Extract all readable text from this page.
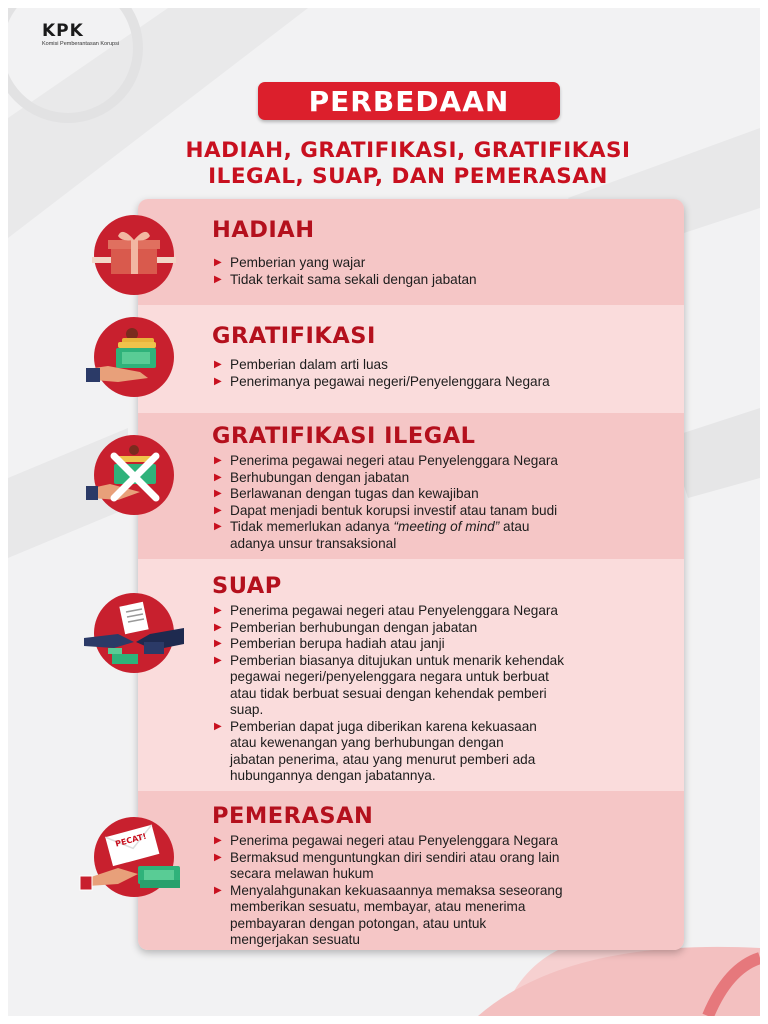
KPK
Komisi Pemberantasan Korupsi
PERBEDAAN
HADIAH, GRATIFIKASI, GRATIFIKASI
ILEGAL, SUAP, DAN PEMERASAN
HADIAH
▶ Pemberian yang wajar
▶ Tidak terkait sama sekali dengan jabatan
GRATIFIKASI
▶ Pemberian dalam arti luas
▶ Penerimanya pegawai negeri/Penyelenggara Negara
GRATIFIKASI ILEGAL
▶ Penerima pegawai negeri atau Penyelenggara Negara
▶ Berhubungan dengan jabatan
▶ Berlawanan dengan tugas dan kewajiban
▶ Dapat menjadi bentuk korupsi investif atau tanam budi
▶ Tidak memerlukan adanya “meeting of mind” atau
adanya unsur transaksional
SUAP
▶ Penerima pegawai negeri atau Penyelenggara Negara
▶ Pemberian berhubungan dengan jabatan
▶ Pemberian berupa hadiah atau janji
▶ Pemberian biasanya ditujukan untuk menarik kehendak
pegawai negeri/penyelenggara negara untuk berbuat
atau tidak berbuat sesuai dengan kehendak pemberi
suap.
▶ Pemberian dapat juga diberikan karena kekuasaan
atau kewenangan yang berhubungan dengan
jabatan penerima, atau yang menurut pemberi ada
hubungannya dengan jabatannya.
PEMERASAN
▶ Penerima pegawai negeri atau Penyelenggara Negara
▶ Bermaksud menguntungkan diri sendiri atau orang lain
secara melawan hukum
▶ Menyalahgunakan kekuasaannya memaksa seseorang
memberikan sesuatu, membayar, atau menerima
pembayaran dengan potongan, atau untuk
mengerjakan sesuatu
PECAT!
